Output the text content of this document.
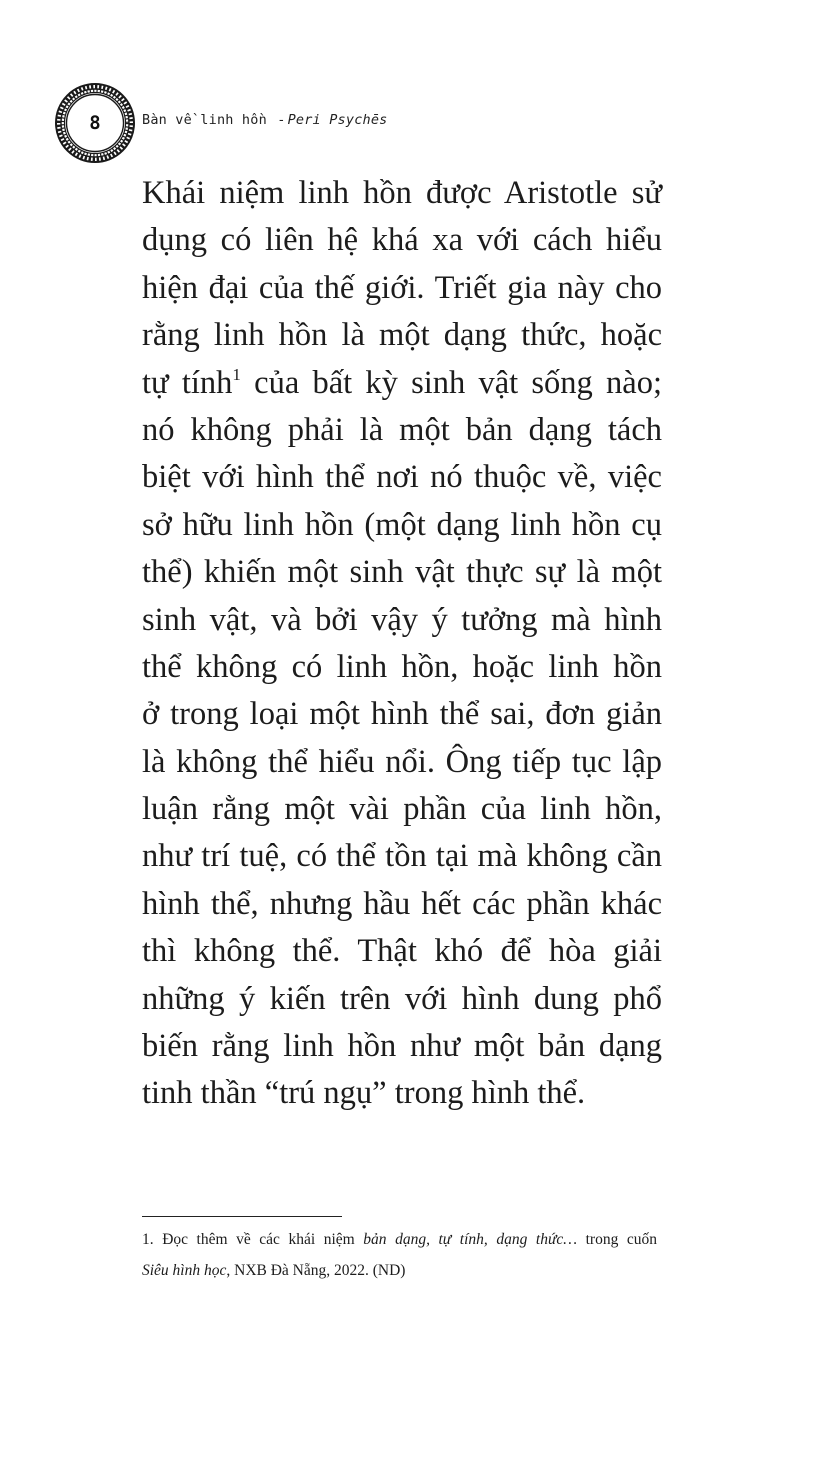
8	Bàn về linh hồn - Peri Psychēs
Khái niệm linh hồn được Aristotle sử
dụng có liên hệ khá xa với cách hiểu
hiện đại của thế giới. Triết gia này cho
rằng linh hồn là một dạng thức, hoặc
tự tính$^1$ của bất kỳ sinh vật sống nào;
nó không phải là một bản dạng tách
biệt với hình thể nơi nó thuộc về, việc
sở hữu linh hồn (một dạng linh hồn cụ
thể) khiến một sinh vật thực sự là một
sinh vật, và bởi vậy ý tưởng mà hình
thể không có linh hồn, hoặc linh hồn
ở trong loại một hình thể sai, đơn giản
là không thể hiểu nổi. Ông tiếp tục lập
luận rằng một vài phần của linh hồn,
như trí tuệ, có thể tồn tại mà không cần
hình thể, nhưng hầu hết các phần khác
thì không thể. Thật khó để hòa giải
những ý kiến trên với hình dung phổ
biến rằng linh hồn như một bản dạng
tinh thần “trú ngụ” trong hình thể.
1. Đọc thêm về các khái niệm bản dạng, tự tính, dạng thức… trong cuốn
Siêu hình học, NXB Đà Nẵng, 2022. (ND)
